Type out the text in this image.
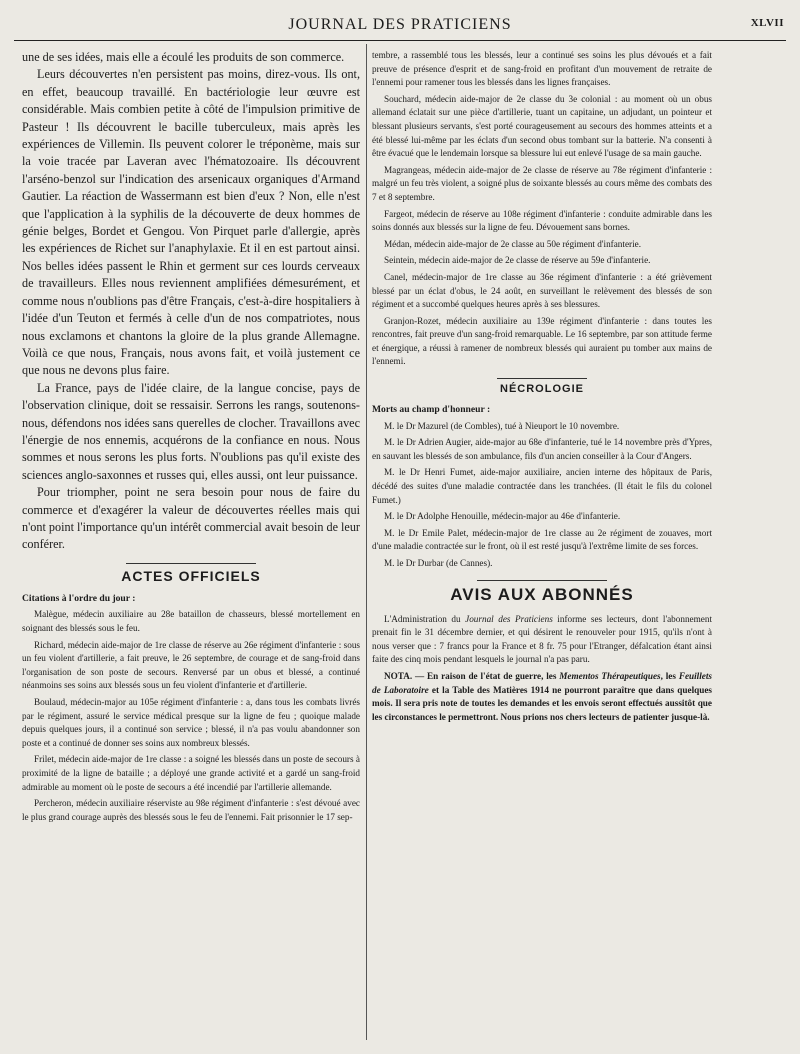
JOURNAL DES PRATICIENS	XLVII

une de ses idées, mais elle a écoulé les produits de son commerce.

Leurs découvertes n'en persistent pas moins, direz-vous. Ils ont, en effet, beaucoup travaillé. En bactériologie leur œuvre est considérable. Mais combien petite à côté de l'impulsion primitive de Pasteur ! Ils découvrent le bacille tuberculeux, mais après les expériences de Villemin. Ils peuvent colorer le tréponème, mais sur la voie tracée par Laveran avec l'hématozoaire. Ils découvrent l'arséno-benzol sur l'indication des arsenicaux organiques d'Armand Gautier. La réaction de Wassermann est bien d'eux ? Non, elle n'est que l'application à la syphilis de la découverte de deux hommes de génie belges, Bordet et Gengou. Von Pirquet parle d'allergie, après les expériences de Richet sur l'anaphylaxie. Et il en est partout ainsi. Nos belles idées passent le Rhin et germent sur ces lourds cerveaux de travailleurs. Elles nous reviennent amplifiées démesurément, et comme nous n'oublions pas d'être Français, c'est-à-dire hospitaliers à l'idée d'un Teuton et fermés à celle d'un de nos compatriotes, nous nous exclamons et chantons la gloire de la plus grande Allemagne. Voilà ce que nous, Français, nous avons fait, et voilà justement ce que nous ne devons plus faire.

La France, pays de l'idée claire, de la langue concise, pays de l'observation clinique, doit se ressaisir. Serrons les rangs, soutenons-nous, défendons nos idées sans querelles de clocher. Travaillons avec l'énergie de nos ennemis, acquérons de la confiance en nous. Nous sommes et nous serons les plus forts. N'oublions pas qu'il existe des sciences anglo-saxonnes et russes qui, elles aussi, ont leur puissance.

Pour triompher, point ne sera besoin pour nous de faire du commerce et d'exagérer la valeur de découvertes réelles mais qui n'ont point l'importance qu'un intérêt commercial avait besoin de leur conférer.

ACTES OFFICIELS

Citations à l'ordre du jour :

Malègue, médecin auxiliaire au 28e bataillon de chasseurs, blessé mortellement en soignant des blessés sous le feu.

Richard, médecin aide-major de 1re classe de réserve au 26e régiment d'infanterie : sous un feu violent d'artillerie, a fait preuve, le 26 septembre, de courage et de sang-froid dans l'organisation de son poste de secours. Renversé par un obus et blessé, a continué néanmoins ses soins aux blessés sous un feu violent d'infanterie et d'artillerie.

Boulaud, médecin-major au 105e régiment d'infanterie : a, dans tous les combats livrés par le régiment, assuré le service médical presque sur la ligne de feu ; quoique malade depuis quelques jours, il a continué son service ; blessé, il n'a pas voulu abandonner son poste et a continué de donner ses soins aux nombreux blessés.

Frilet, médecin aide-major de 1re classe : a soigné les blessés dans un poste de secours à proximité de la ligne de bataille ; a déployé une grande activité et a gardé un sang-froid admirable au moment où le poste de secours a été incendié par l'artillerie allemande.

Percheron, médecin auxiliaire réserviste au 98e régiment d'infanterie : s'est dévoué avec le plus grand courage auprès des blessés sous le feu de l'ennemi. Fait prisonnier le 17 sep-

tembre, a rassemblé tous les blessés, leur a continué ses soins les plus dévoués et a fait preuve de présence d'esprit et de sang-froid en profitant d'un mouvement de retraite de l'ennemi pour ramener tous les blessés dans les lignes françaises.

Souchard, médecin aide-major de 2e classe du 3e colonial : au moment où un obus allemand éclatait sur une pièce d'artillerie, tuant un capitaine, un adjudant, un pointeur et blessant plusieurs servants, s'est porté courageusement au secours des hommes atteints et a été blessé lui-même par les éclats d'un second obus tombant sur la batterie. N'a consenti à être évacué que le lendemain lorsque sa blessure lui eut enlevé l'usage de sa main gauche.

Magrangeas, médecin aide-major de 2e classe de réserve au 78e régiment d'infanterie : malgré un feu très violent, a soigné plus de soixante blessés au cours même des combats des 7 et 8 septembre.

Fargeot, médecin de réserve au 108e régiment d'infanterie : conduite admirable dans les soins donnés aux blessés sur la ligne de feu. Dévouement sans bornes.

Médan, médecin aide-major de 2e classe au 50e régiment d'infanterie.

Seintein, médecin aide-major de 2e classe de réserve au 59e d'infanterie.

Canel, médecin-major de 1re classe au 36e régiment d'infanterie : a été grièvement blessé par un éclat d'obus, le 24 août, en surveillant le relèvement des blessés de son régiment et a succombé quelques heures après à ses blessures.

Granjon-Rozet, médecin auxiliaire au 139e régiment d'infanterie : dans toutes les rencontres, fait preuve d'un sang-froid remarquable. Le 16 septembre, par son attitude ferme et énergique, a réussi à ramener de nombreux blessés qui auraient pu tomber aux mains de l'ennemi.

NÉCROLOGIE

Morts au champ d'honneur :

M. le Dr Mazurel (de Combles), tué à Nieuport le 10 novembre.

M. le Dr Adrien Augier, aide-major au 68e d'infanterie, tué le 14 novembre près d'Ypres, en sauvant les blessés de son ambulance, fils d'un ancien conseiller à la Cour d'Angers.

M. le Dr Henri Fumet, aide-major auxiliaire, ancien interne des hôpitaux de Paris, décédé des suites d'une maladie contractée dans les tranchées. (Il était le fils du colonel Fumet.)

M. le Dr Adolphe Henouille, médecin-major au 46e d'infanterie.

M. le Dr Emile Palet, médecin-major de 1re classe au 2e régiment de zouaves, mort d'une maladie contractée sur le front, où il est resté jusqu'à l'extrême limite de ses forces.

M. le Dr Durbar (de Cannes).

AVIS AUX ABONNÉS

L'Administration du Journal des Praticiens informe ses lecteurs, dont l'abonnement prenait fin le 31 décembre dernier, et qui désirent le renouveler pour 1915, qu'ils n'ont à nous verser que : 7 francs pour la France et 8 fr. 75 pour l'Etranger, défalcation étant ainsi faite des cinq mois pendant lesquels le journal n'a pas paru.

NOTA. — En raison de l'état de guerre, les Mementos Thérapeutiques, les Feuillets de Laboratoire et la Table des Matières 1914 ne pourront paraître que dans quelques mois. Il sera pris note de toutes les demandes et les envois seront effectués aussitôt que les circonstances le permettront. Nous prions nos chers lecteurs de patienter jusque-là.
